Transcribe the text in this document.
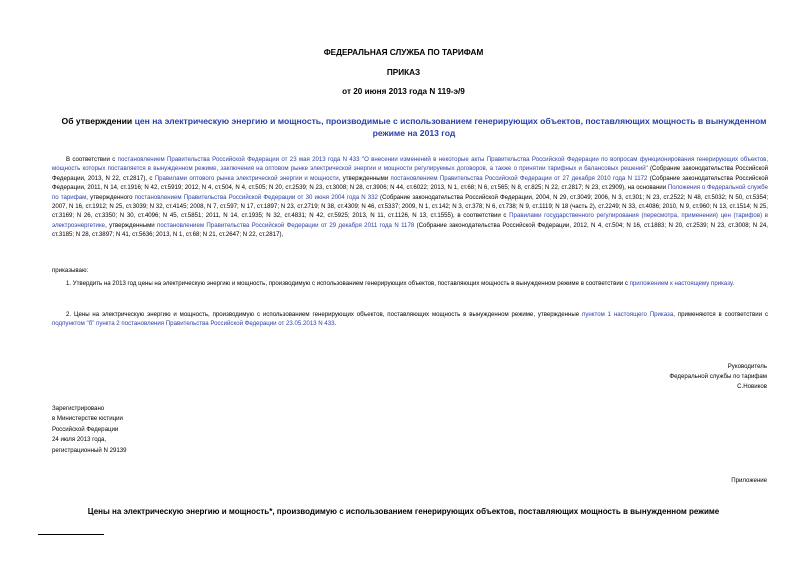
ФЕДЕРАЛЬНАЯ СЛУЖБА ПО ТАРИФАМ
ПРИКАЗ
от 20 июня 2013 года N 119-э/9
Об утверждении цен на электрическую энергию и мощность, производимые с использованием генерирующих объектов, поставляющих мощность в вынужденном режиме на 2013 год
В соответствии с постановлением Правительства Российской Федерации от 23 мая 2013 года N 433 "О внесении изменений в некоторые акты Правительства Российской Федерации по вопросам функционирования генерирующих объектов, мощность которых поставляется в вынужденном режиме, заключения на оптовом рынке электрической энергии и мощности регулируемых договоров, а также о принятии тарифных и балансовых решений" (Собрание законодательства Российской Федерации, 2013, N 22, ст.2817), с Правилами оптового рынка электрической энергии и мощности, утвержденными постановлением Правительства Российской Федерации от 27 декабря 2010 года N 1172 (Собрание законодательства Российской Федерации, 2011, N 14, ст.1916; N 42, ст.5919; 2012, N 4, ст.504, N 4, ст.505; N 20, ст.2539; N 23, ст.3008; N 28, ст.3906; N 44, ст.6022; 2013, N 1, ст.68; N 6, ст.565; N 8, ст.825; N 22, ст.2817; N 23, ст.2909), на основании Положения о Федеральной службе по тарифам, утвержденного постановлением Правительства Российской Федерации от 30 июня 2004 года N 332 (Собрание законодательства Российской Федерации, 2004, N 29, ст.3049; 2006, N 3, ст.301; N 23, ст.2522; N 48, ст.5032; N 50, ст.5354; 2007, N 16, ст.1912; N 25, ст.3039; N 32, ст.4145; 2008, N 7, ст.597; N 17, ст.1897; N 23, ст.2719; N 38, ст.4309; N 46, ст.5337; 2009, N 1, ст.142; N 3, ст.378; N 6, ст.738; N 9, ст.1119; N 18 (часть 2), ст.2249; N 33, ст.4086; 2010, N 9, ст.960; N 13, ст.1514; N 25, ст.3169; N 26, ст.3350; N 30, ст.4096; N 45, ст.5851; 2011, N 14, ст.1935; N 32, ст.4831; N 42, ст.5925; 2013, N 11, ст.1126, N 13, ст.1555), в соответствии с Правилами государственного регулирования (пересмотра, применения) цен (тарифов) в электроэнергетике, утвержденными постановлением Правительства Российской Федерации от 29 декабря 2011 года N 1178 (Собрание законодательства Российской Федерации, 2012, N 4, ст.504; N 16, ст.1883; N 20, ст.2539; N 23, ст.3008; N 24, ст.3185; N 28, ст.3897; N 41, ст.5636; 2013, N 1, ст.68; N 21, ст.2647; N 22, ст.2817),
приказываю:
1. Утвердить на 2013 год цены на электрическую энергию и мощность, производимую с использованием генерирующих объектов, поставляющих мощность в вынужденном режиме в соответствии с приложением к настоящему приказу.
2. Цены на электрическую энергию и мощность, производимую с использованием генерирующих объектов, поставляющих мощность в вынужденном режиме, утвержденные пунктом 1 настоящего Приказа, применяются в соответствии с подпунктом "б" пункта 2 постановления Правительства Российской Федерации от 23.05.2013 N 433.
Руководитель
Федеральной службы по тарифам
С.Новиков
Зарегистрировано
в Министерстве юстиции
Российской Федерации
24 июля 2013 года,
регистрационный N 29139
Приложение
Цены на электрическую энергию и мощность*, производимую с использованием генерирующих объектов, поставляющих мощность в вынужденном режиме
